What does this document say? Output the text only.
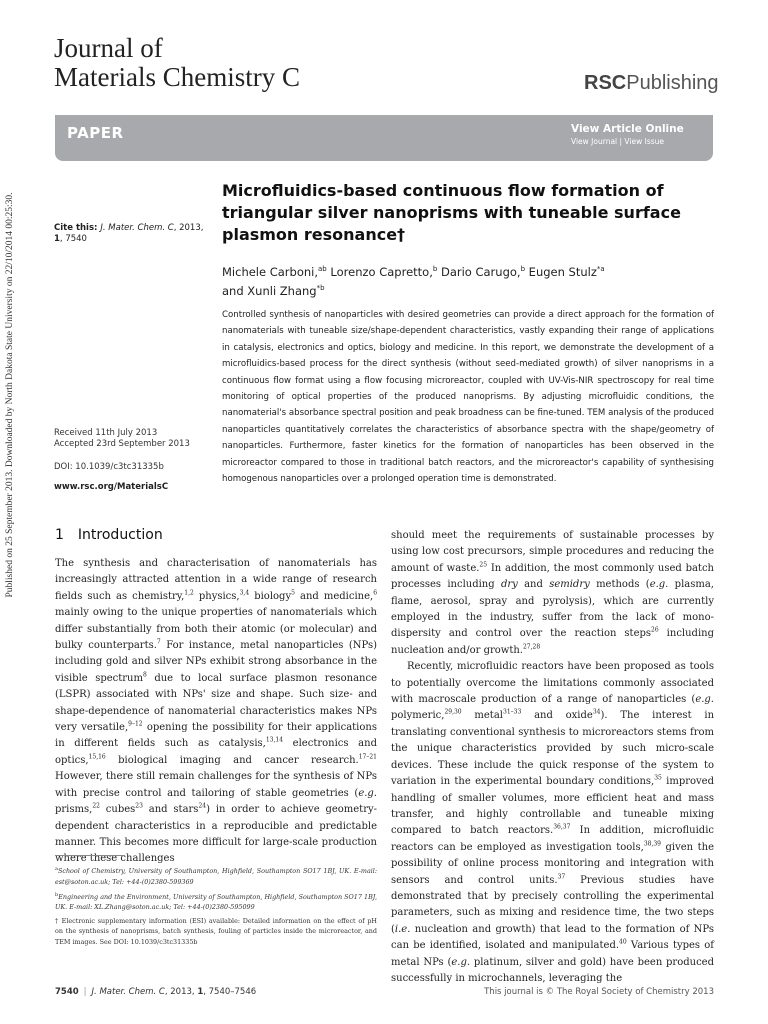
Published on 25 September 2013. Downloaded by North Dakota State University on 22/10/2014 00:25:30.
Journal of
Materials Chemistry C	RSCPublishing
PAPER	View Article Online
View Journal | View Issue
Cite this: J. Mater. Chem. C, 2013, 1, 7540
Received 11th July 2013
Accepted 23rd September 2013
DOI: 10.1039/c3tc31335b
www.rsc.org/MaterialsC
Microfluidics-based continuous flow formation of triangular silver nanoprisms with tuneable surface plasmon resonance†
Michele Carboni,$^{ab}$ Lorenzo Capretto,$^b$ Dario Carugo,$^b$ Eugen Stulz$^{*a}$
and Xunli Zhang$^{*b}$
Controlled synthesis of nanoparticles with desired geometries can provide a direct approach for the formation of nanomaterials with tuneable size/shape-dependent characteristics, vastly expanding their range of applications in catalysis, electronics and optics, biology and medicine. In this report, we demonstrate the development of a microfluidics-based process for the direct synthesis (without seed-mediated growth) of silver nanoprisms in a continuous flow format using a flow focusing microreactor, coupled with UV-Vis-NIR spectroscopy for real time monitoring of optical properties of the produced nanoprisms. By adjusting microfluidic conditions, the nanomaterial's absorbance spectral position and peak broadness can be fine-tuned. TEM analysis of the produced nanoparticles quantitatively correlates the characteristics of absorbance spectra with the shape/geometry of nanoparticles. Furthermore, faster kinetics for the formation of nanoparticles has been observed in the microreactor compared to those in traditional batch reactors, and the microreactor's capability of synthesising homogenous nanoparticles over a prolonged operation time is demonstrated.
1 Introduction
The synthesis and characterisation of nanomaterials has increasingly attracted attention in a wide range of research fields such as chemistry,$^{1,2}$ physics,$^{3,4}$ biology$^5$ and medicine,$^6$ mainly owing to the unique properties of nanomaterials which differ substantially from both their atomic (or molecular) and bulky counterparts.$^7$ For instance, metal nanoparticles (NPs) including gold and silver NPs exhibit strong absorbance in the visible spectrum$^8$ due to local surface plasmon resonance (LSPR) associated with NPs' size and shape. Such size- and shape-dependence of nanomaterial characteristics makes NPs very versatile,$^{9-12}$ opening the possibility for their applications in different fields such as catalysis,$^{13,14}$ electronics and optics,$^{15,16}$ biological imaging and cancer research.$^{17-21}$ However, there still remain challenges for the synthesis of NPs with precise control and tailoring of stable geometries (e.g. prisms,$^{22}$ cubes$^{23}$ and stars$^{24}$) in order to achieve geometry-dependent characteristics in a reproducible and predictable manner. This becomes more difficult for large-scale production where these challenges
should meet the requirements of sustainable processes by using low cost precursors, simple procedures and reducing the amount of waste.$^{25}$ In addition, the most commonly used batch processes including dry and semidry methods (e.g. plasma, flame, aerosol, spray and pyrolysis), which are currently employed in the industry, suffer from the lack of mono-dispersity and control over the reaction steps$^{26}$ including nucleation and/or growth.$^{27,28}$
Recently, microfluidic reactors have been proposed as tools to potentially overcome the limitations commonly associated with macroscale production of a range of nanoparticles (e.g. polymeric,$^{29,30}$ metal$^{31-33}$ and oxide$^{34}$). The interest in translating conventional synthesis to microreactors stems from the unique characteristics provided by such micro-scale devices. These include the quick response of the system to variation in the experimental boundary conditions,$^{35}$ improved handling of smaller volumes, more efficient heat and mass transfer, and highly controllable and tuneable mixing compared to batch reactors.$^{36,37}$ In addition, microfluidic reactors can be employed as investigation tools,$^{38,39}$ given the possibility of online process monitoring and integration with sensors and control units.$^{37}$ Previous studies have demonstrated that by precisely controlling the experimental parameters, such as mixing and residence time, the two steps (i.e. nucleation and growth) that lead to the formation of NPs can be identified, isolated and manipulated.$^{40}$ Various types of metal NPs (e.g. platinum, silver and gold) have been produced successfully in microchannels, leveraging the

$^a$School of Chemistry, University of Southampton, Highfield, Southampton SO17 1BJ, UK. E-mail: est@soton.ac.uk; Tel: +44-(0)2380-599369

$^b$Engineering and the Environment, University of Southampton, Highfield, Southampton SO17 1BJ, UK. E-mail: XL.Zhang@soton.ac.uk; Tel: +44-(0)2380-595099

† Electronic supplementary information (ESI) available: Detailed information on the effect of pH on the synthesis of nanoprisms, batch synthesis, fouling of particles inside the microreactor, and TEM images. See DOI: 10.1039/c3tc31335b

7540 | J. Mater. Chem. C, 2013, 1, 7540–7546	This journal is © The Royal Society of Chemistry 2013
